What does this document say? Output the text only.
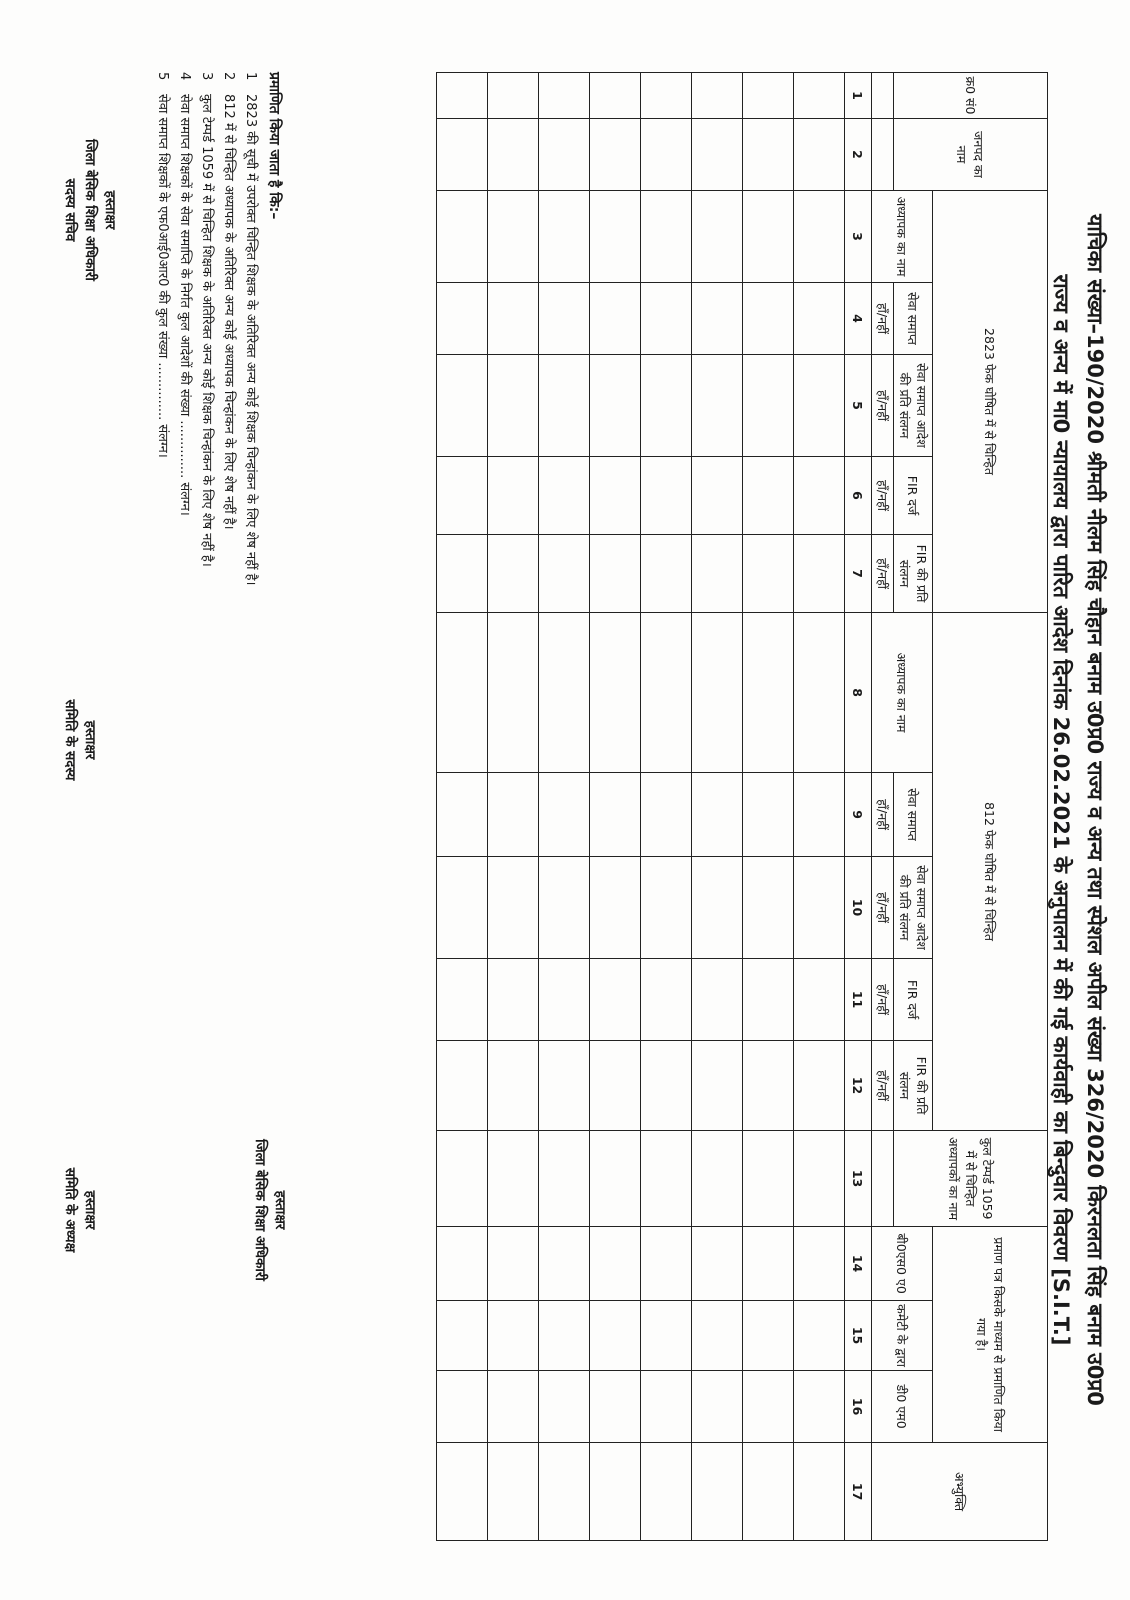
याचिका संख्या–190/2020 श्रीमती नीलम सिंह चौहान बनाम उ0प्र0 राज्य व अन्य तथा स्पेशल अपील संख्या 326/2020 किरनलता सिंह बनाम उ0प्र0
राज्य व अन्य में मा0 न्यायालय द्वारा पारित आदेश दिनांक 26.02.2021 के अनुपालन में की गई कार्यवाही का बिन्दुवार विवरण [S.I.T.]
क्र0 सं0	जनपद का नाम	2823 फेक घोषित में से चिन्हित					812 फेक घोषित में से चिन्हित					कुल टेम्पर्ड 1059 में से चिन्हित अध्यापकों का नाम	प्रमाण पत्र किसके माध्यम से प्रमाणित किया गया है।			अभ्युक्ति
		अध्यापक का नाम	सेवा समाप्त	सेवा समाप्त आदेश की प्रति संलग्न	FIR दर्ज	FIR की प्रति संलग्न	अध्यापक का नाम	सेवा समाप्त	सेवा समाप्त आदेश की प्रति संलग्न	FIR दर्ज	FIR की प्रति संलग्न		बी0एस0 ए0	कमेटी के द्वारा	डी0 एम0	
			हाँ/नहीं	हाँ/नहीं	हाँ/नहीं	हाँ/नहीं		हाँ/नहीं	हाँ/नहीं	हाँ/नहीं	हाँ/नहीं					
1	2	3	4	5	6	7	8	9	10	11	12	13	14	15	16	17

प्रमाणित किया जाता है कि:–
12823 की सूची में उपरोक्त चिन्हित शिक्षक के अतिरिक्त अन्य कोई शिक्षक चिन्हांकन के लिए शेष नहीं है।
2812 में से चिन्हित अध्यापक के अतिरिक्त अन्य कोई अध्यापक चिन्हांकन के लिए शेष नहीं है।
3कुल टेम्पर्ड 1059 में से चिन्हित शिक्षक के अतिरिक्त अन्य कोई शिक्षक चिन्हांकन के लिए शेष नहीं है।
4सेवा समाप्त शिक्षकों के सेवा समाप्ति के निर्गत कुल आदेशों की संख्या .............. संलग्न।
5सेवा समाप्त शिक्षकों के एफ0आई0आर0 की कुल संख्या .............. संलग्न।
हस्ताक्षर
जिला बेसिक शिक्षा अधिकारी
सदस्य सचिव
हस्ताक्षर
समिति के सदस्य
हस्ताक्षर
जिला बेसिक शिक्षा अधिकारी
हस्ताक्षर
समिति के अध्यक्ष
